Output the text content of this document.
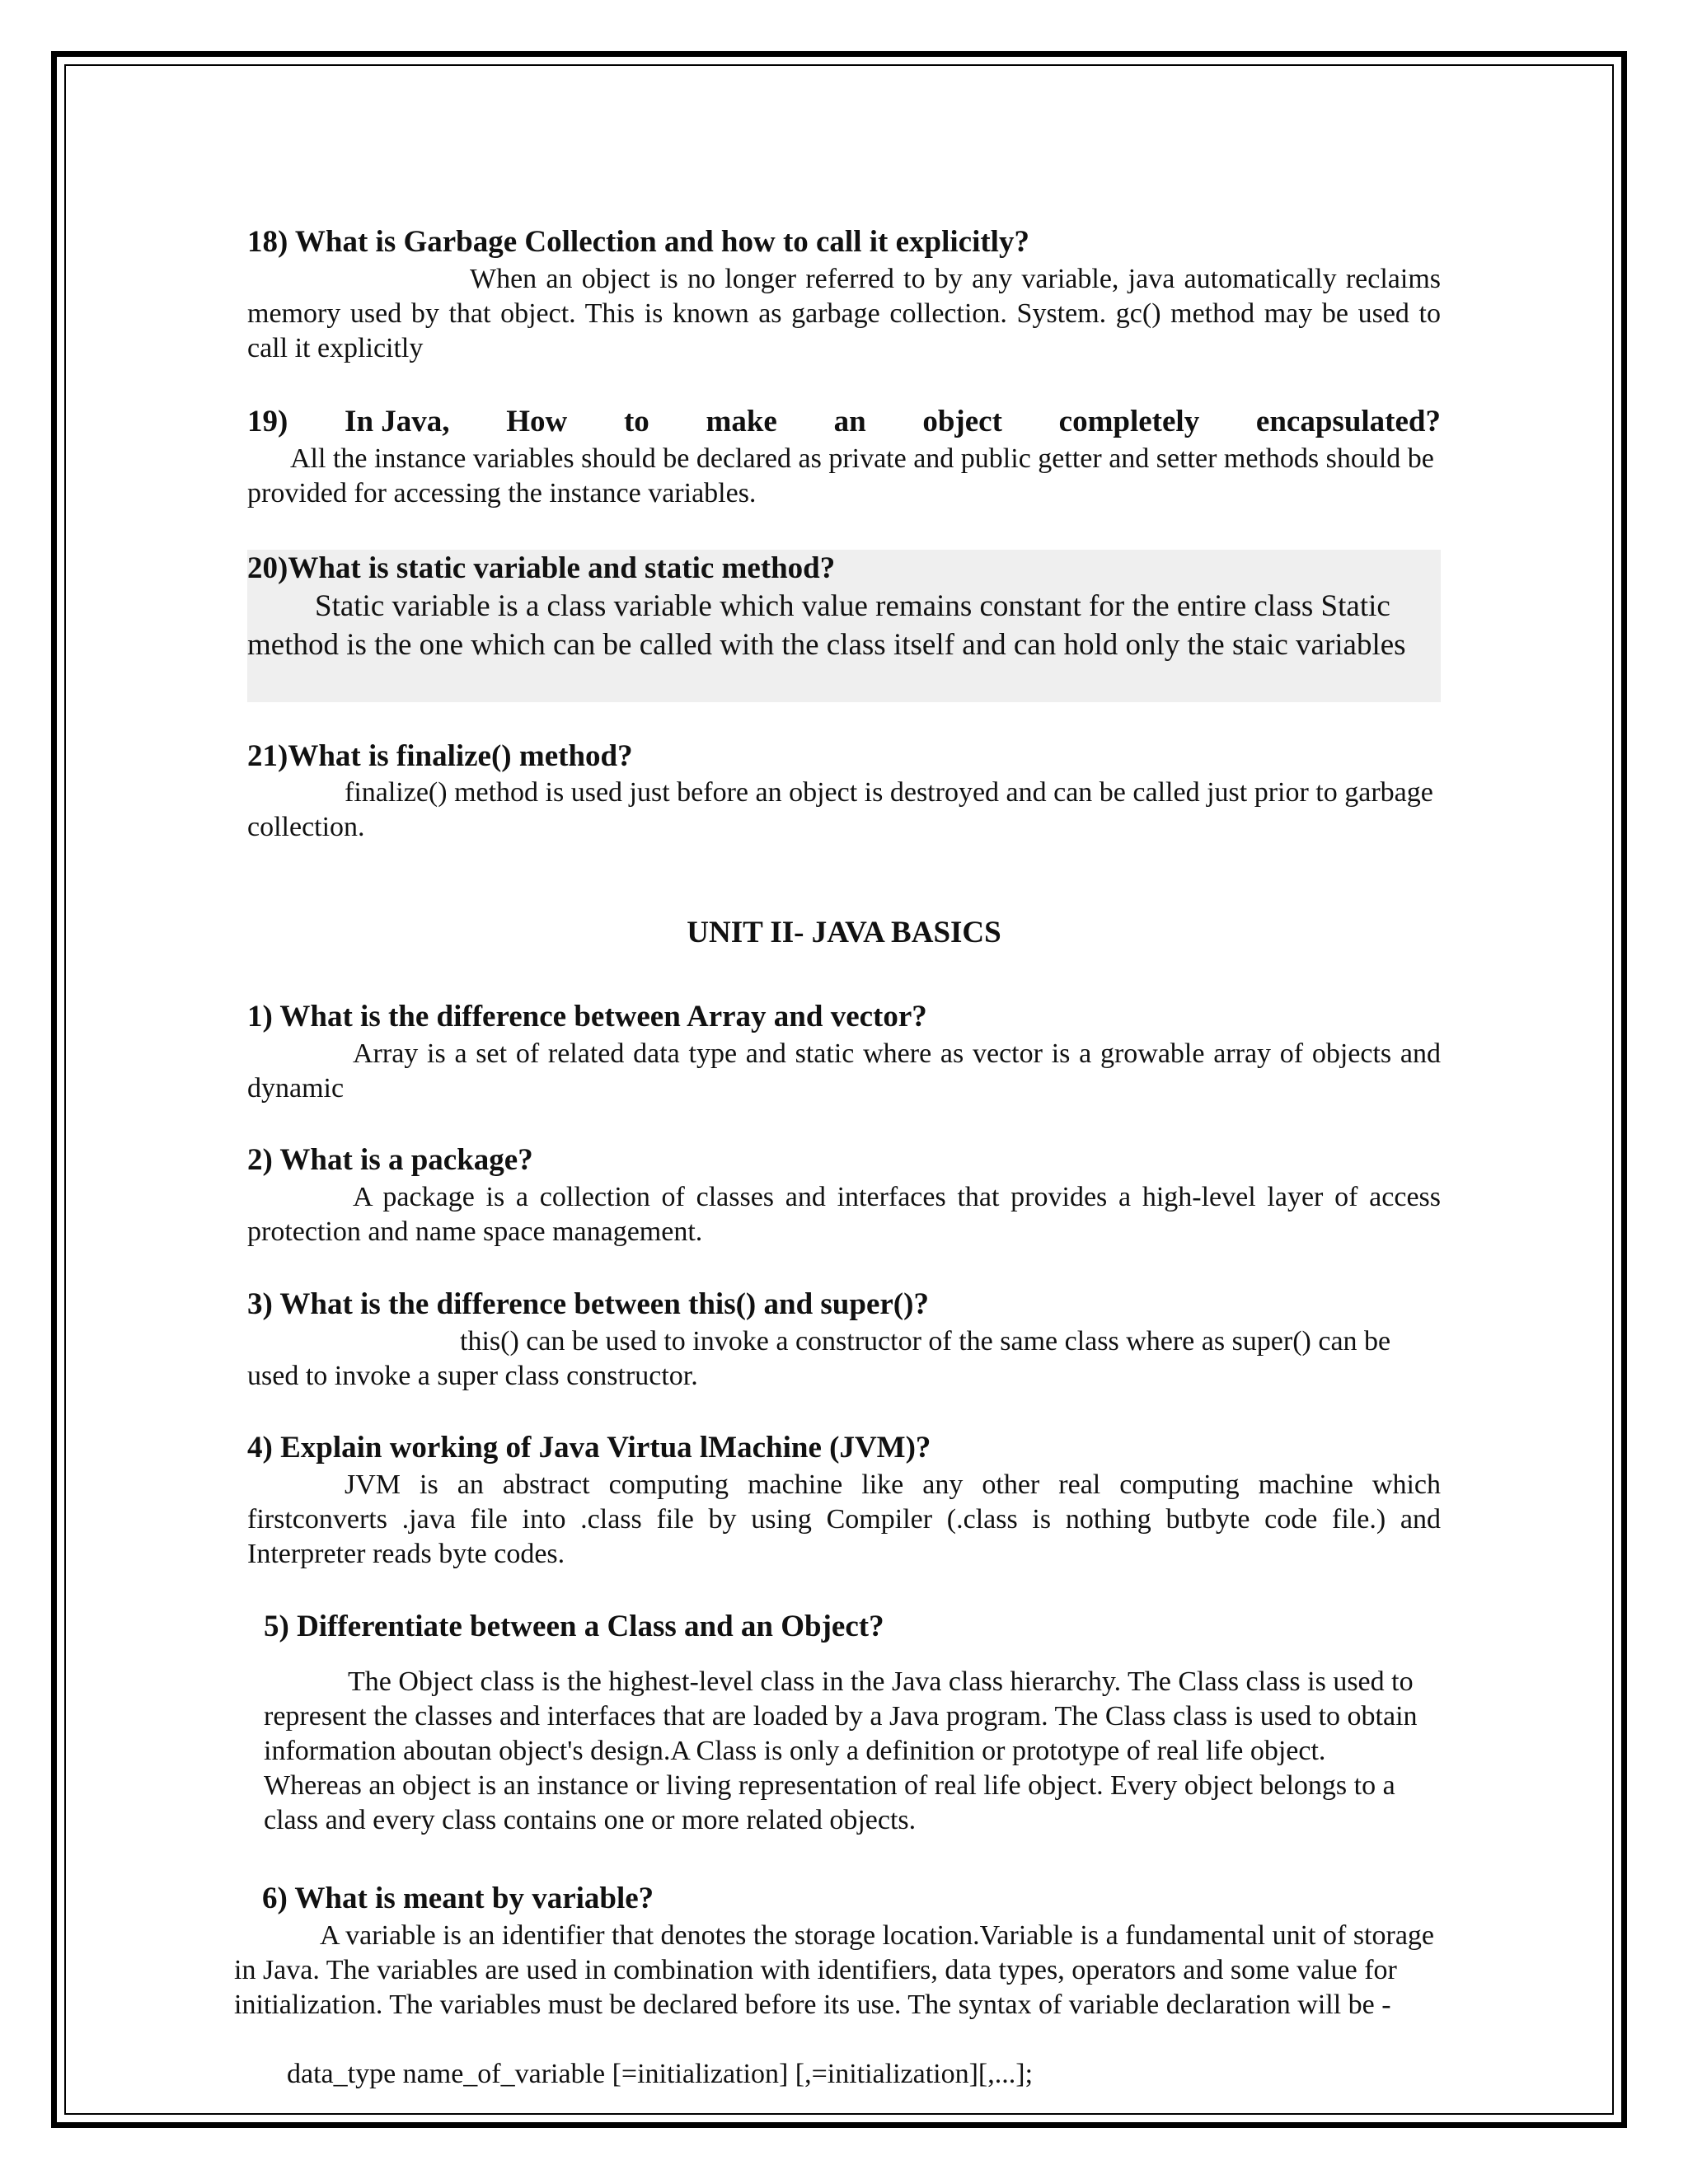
18) What is Garbage Collection and how to call it explicitly?

When an object is no longer referred to by any variable, java automatically reclaims memory used by that object. This is known as garbage collection. System. gc() method may be used to call it explicitly

19) In Java, How to make an object completely encapsulated?

All the instance variables should be declared as private and public getter and setter methods should be provided for accessing the instance variables.

20)What is static variable and static method?

Static variable is a class variable which value remains constant for the entire class Static method is the one which can be called with the class itself and can hold only the staic variables

21)What is finalize() method?

finalize() method is used just before an object is destroyed and can be called just prior to garbage collection.

UNIT II- JAVA BASICS
1) What is the difference between Array and vector?

Array is a set of related data type and static where as vector is a growable array of objects and dynamic

2) What is a package?

A package is a collection of classes and interfaces that provides a high-level layer of access protection and name space management.

3) What is the difference between this() and super()?

this() can be used to invoke a constructor of the same class where as super() can be used to invoke a super class constructor.

4) Explain working of Java Virtua lMachine (JVM)?

JVM is an abstract computing machine like any other real computing machine which firstconverts .java file into .class file by using Compiler (.class is nothing butbyte code file.) and Interpreter reads byte codes.

5) Differentiate between a Class and an Object?

The Object class is the highest-level class in the Java class hierarchy. The Class class is used to represent the classes and interfaces that are loaded by a Java program. The Class class is used to obtain information aboutan object's design.A Class is only a definition or prototype of real life object. Whereas an object is an instance or living representation of real life object. Every object belongs to a class and every class contains one or more related objects.

6) What is meant by variable?

A variable is an identifier that denotes the storage location.Variable is a fundamental unit of storage in Java. The variables are used in combination with identifiers, data types, operators and some value for initialization. The variables must be declared before its use. The syntax of variable declaration will be -

data_type name_of_variable [=initialization] [,=initialization][,...];
